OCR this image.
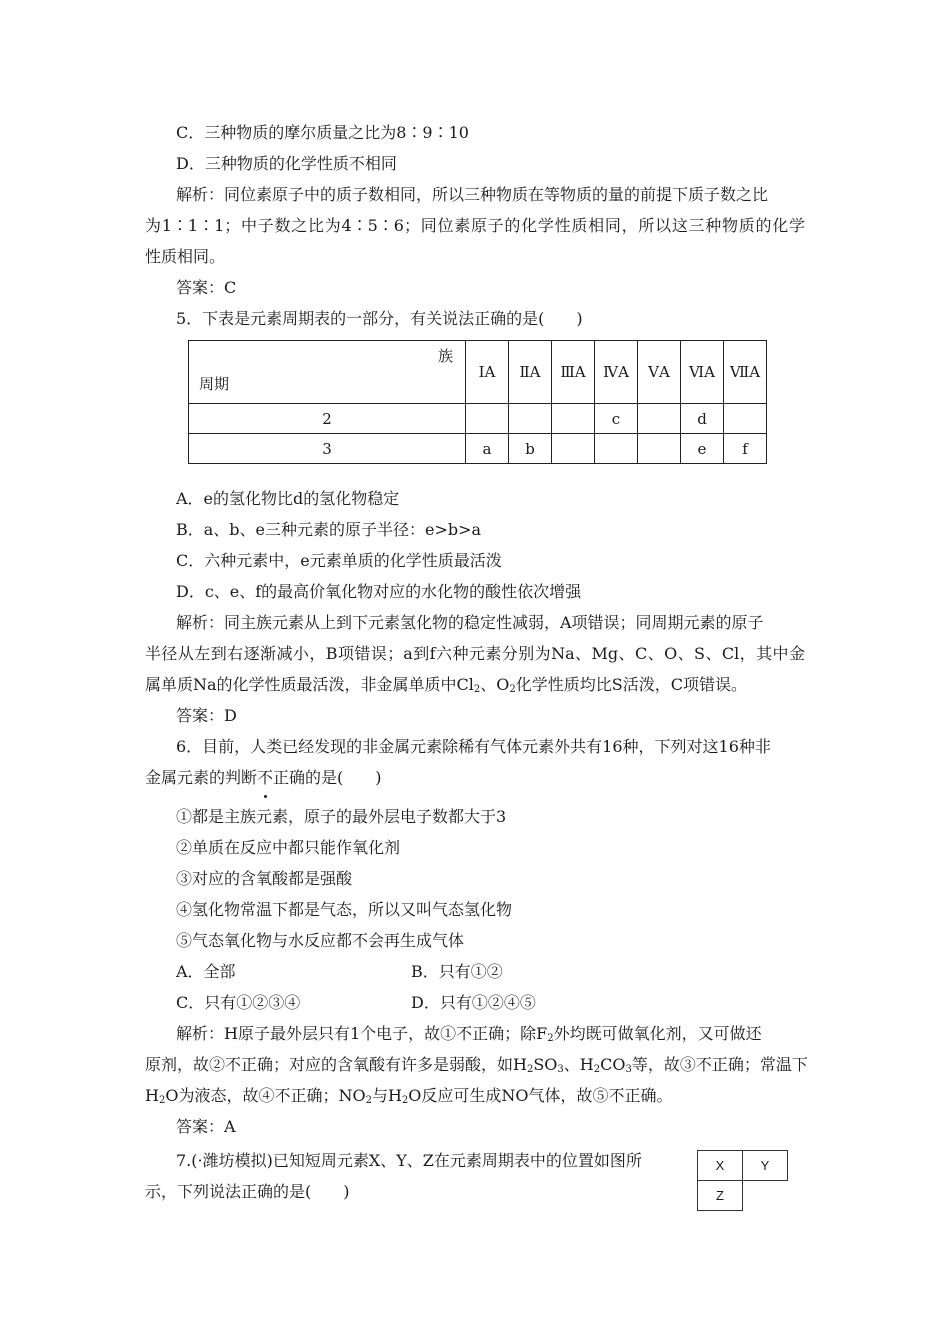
C．三种物质的摩尔质量之比为8∶9∶10
D．三种物质的化学性质不相同
解析：同位素原子中的质子数相同，所以三种物质在等物质的量的前提下质子数之比
为1∶1∶1；中子数之比为4∶5∶6；同位素原子的化学性质相同，所以这三种物质的化学
性质相同。
答案：C
5．下表是元素周期表的一部分，有关说法正确的是(　　)
族
周期	ⅠA	ⅡA	ⅢA	ⅣA	ⅤA	ⅥA	ⅦA
2				c		d	
3	a	b				e	f
A．e的氢化物比d的氢化物稳定
B．a、b、e三种元素的原子半径：e>b>a
C．六种元素中，e元素单质的化学性质最活泼
D．c、e、f的最高价氧化物对应的水化物的酸性依次增强
解析：同主族元素从上到下元素氢化物的稳定性减弱，A项错误；同周期元素的原子
半径从左到右逐渐减小，B项错误；a到f六种元素分别为Na、Mg、C、O、S、Cl，其中金
属单质Na的化学性质最活泼，非金属单质中$Cl_2$、$O_2$化学性质均比S活泼，C项错误。
答案：D
6．目前，人类已经发现的非金属元素除稀有气体元素外共有16种，下列对这16种非
金属元素的判断不正确的是(　　)
①都是主族元素，原子的最外层电子数都大于3
②单质在反应中都只能作氧化剂
③对应的含氧酸都是强酸
④氢化物常温下都是气态，所以又叫气态氢化物
⑤气态氧化物与水反应都不会再生成气体
A．全部	B．只有①②
C．只有①②③④	D．只有①②④⑤
解析：H原子最外层只有1个电子，故①不正确；除$F_2$外均既可做氧化剂，又可做还
原剂，故②不正确；对应的含氧酸有许多是弱酸，如$H_2SO_3$、$H_2CO_3$等，故③不正确；常温下
$H_2O$为液态，故④不正确；$NO_2$与$H_2O$反应可生成NO气体，故⑤不正确。
答案：A
7.(·潍坊模拟)已知短周元素X、Y、Z在元素周期表中的位置如图所
示，下列说法正确的是(　　)
X	Y
Z	
